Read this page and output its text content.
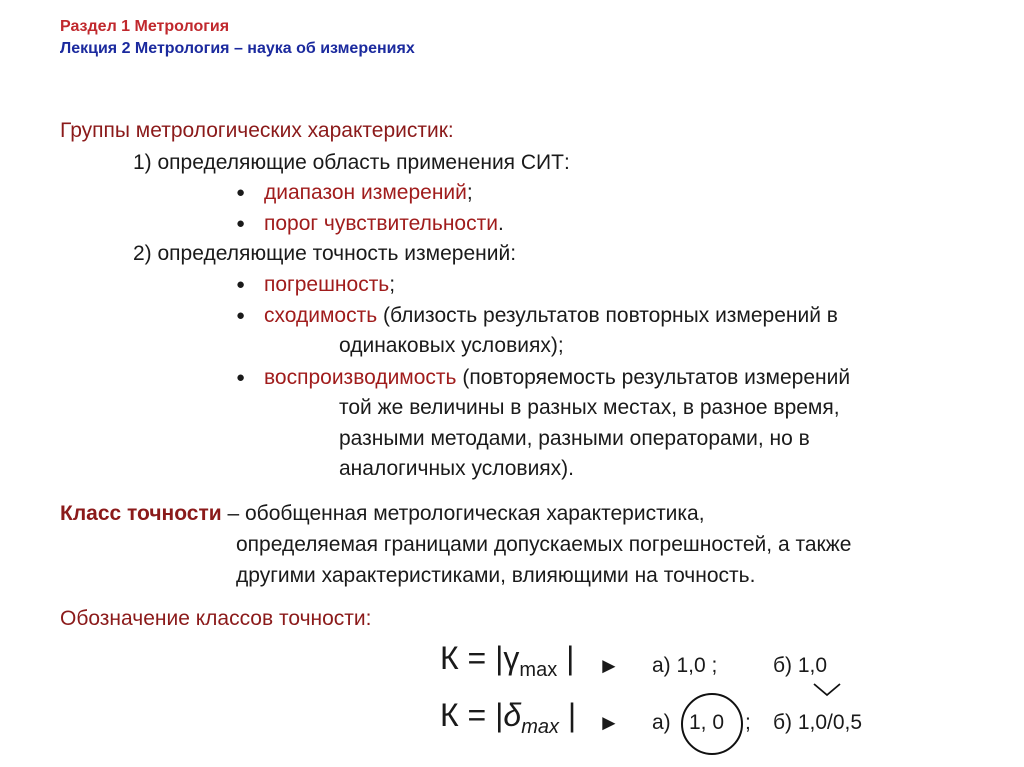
Раздел 1 Метрология
Лекция 2 Метрология – наука об измерениях
Группы метрологических характеристик:
1) определяющие область применения СИТ:
● диапазон измерений;
● порог чувствительности.
2) определяющие точность измерений:
● погрешность;
● сходимость (близость результатов повторных измерений в
одинаковых условиях);
● воспроизводимость (повторяемость результатов измерений
той же величины в разных местах, в разное время,
разными методами, разными операторами, но в
аналогичных условиях).
Класс точности – обобщенная метрологическая характеристика,
определяемая границами допускаемых погрешностей, а также
другими характеристиками, влияющими на точность.
Обозначение классов точности:
К = |γmax | ► а) 1,0 ;	б) 1,0
К = |δmax | ► а) 1, 0 ; б) 1,0/0,5
